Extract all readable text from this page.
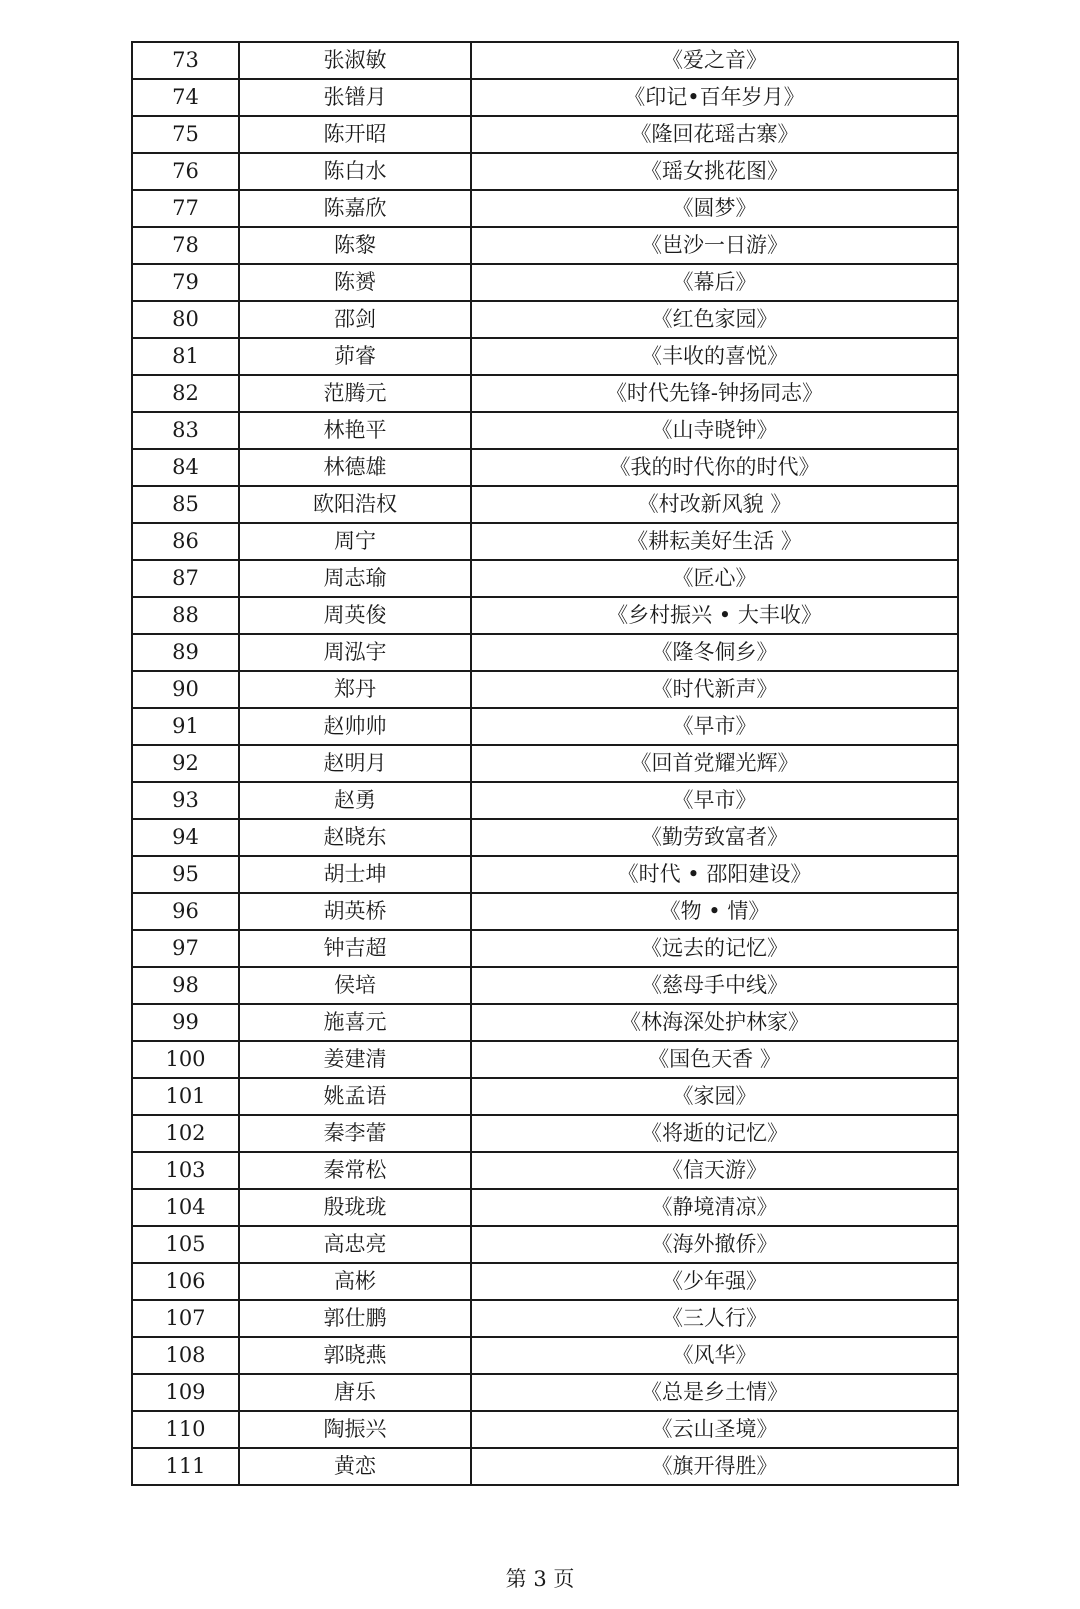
73	张淑敏	《爱之音》
74	张镨月	《印记•百年岁月》
75	陈开昭	《隆回花瑶古寨》
76	陈白水	《瑶女挑花图》
77	陈嘉欣	《圆梦》
78	陈黎	《岜沙一日游》
79	陈赟	《幕后》
80	邵剑	《红色家园》
81	茆睿	《丰收的喜悦》
82	范腾元	《时代先锋-钟扬同志》
83	林艳平	《山寺晓钟》
84	林德雄	《我的时代你的时代》
85	欧阳浩权	《村改新风貌 》
86	周宁	《耕耘美好生活 》
87	周志瑜	《匠心》
88	周英俊	《乡村振兴 • 大丰收》
89	周泓宇	《隆冬侗乡》
90	郑丹	《时代新声》
91	赵帅帅	《早市》
92	赵明月	《回首党耀光辉》
93	赵勇	《早市》
94	赵晓东	《勤劳致富者》
95	胡士坤	《时代 • 邵阳建设》
96	胡英桥	《物 • 情》
97	钟吉超	《远去的记忆》
98	侯培	《慈母手中线》
99	施喜元	《林海深处护林家》
100	姜建清	《国色天香 》
101	姚孟语	《家园》
102	秦李蕾	《将逝的记忆》
103	秦常松	《信天游》
104	殷珑珑	《静境清凉》
105	高忠亮	《海外撤侨》
106	高彬	《少年强》
107	郭仕鹏	《三人行》
108	郭晓燕	《风华》
109	唐乐	《总是乡土情》
110	陶振兴	《云山圣境》
111	黄恋	《旗开得胜》
第 3 页
